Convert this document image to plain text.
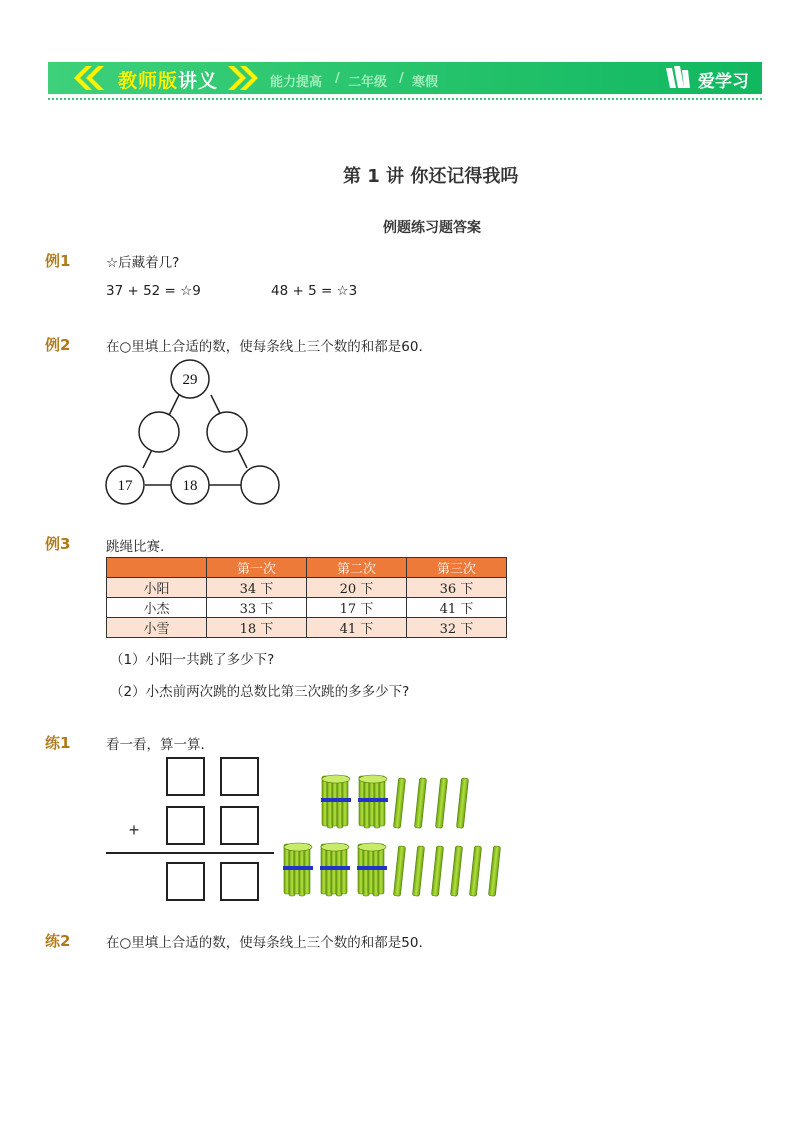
教师版讲义	能力提高 / 二年级 / 寒假	爱学习
第 1 讲 你还记得我吗
例题练习题答案
例1	☆后藏着几?
37 + 52 = ☆9	48 + 5 = ☆3
例2	在○里填上合适的数，使每条线上三个数的和都是60.
29
17	18
例3	跳绳比赛.
	第一次	第二次	第三次
小阳	34 下	20 下	36 下
小杰	33 下	17 下	41 下
小雪	18 下	41 下	32 下
（1）小阳一共跳了多少下?
（2）小杰前两次跳的总数比第三次跳的多多少下?
练1	看一看，算一算.
+
练2	在○里填上合适的数，使每条线上三个数的和都是50.
